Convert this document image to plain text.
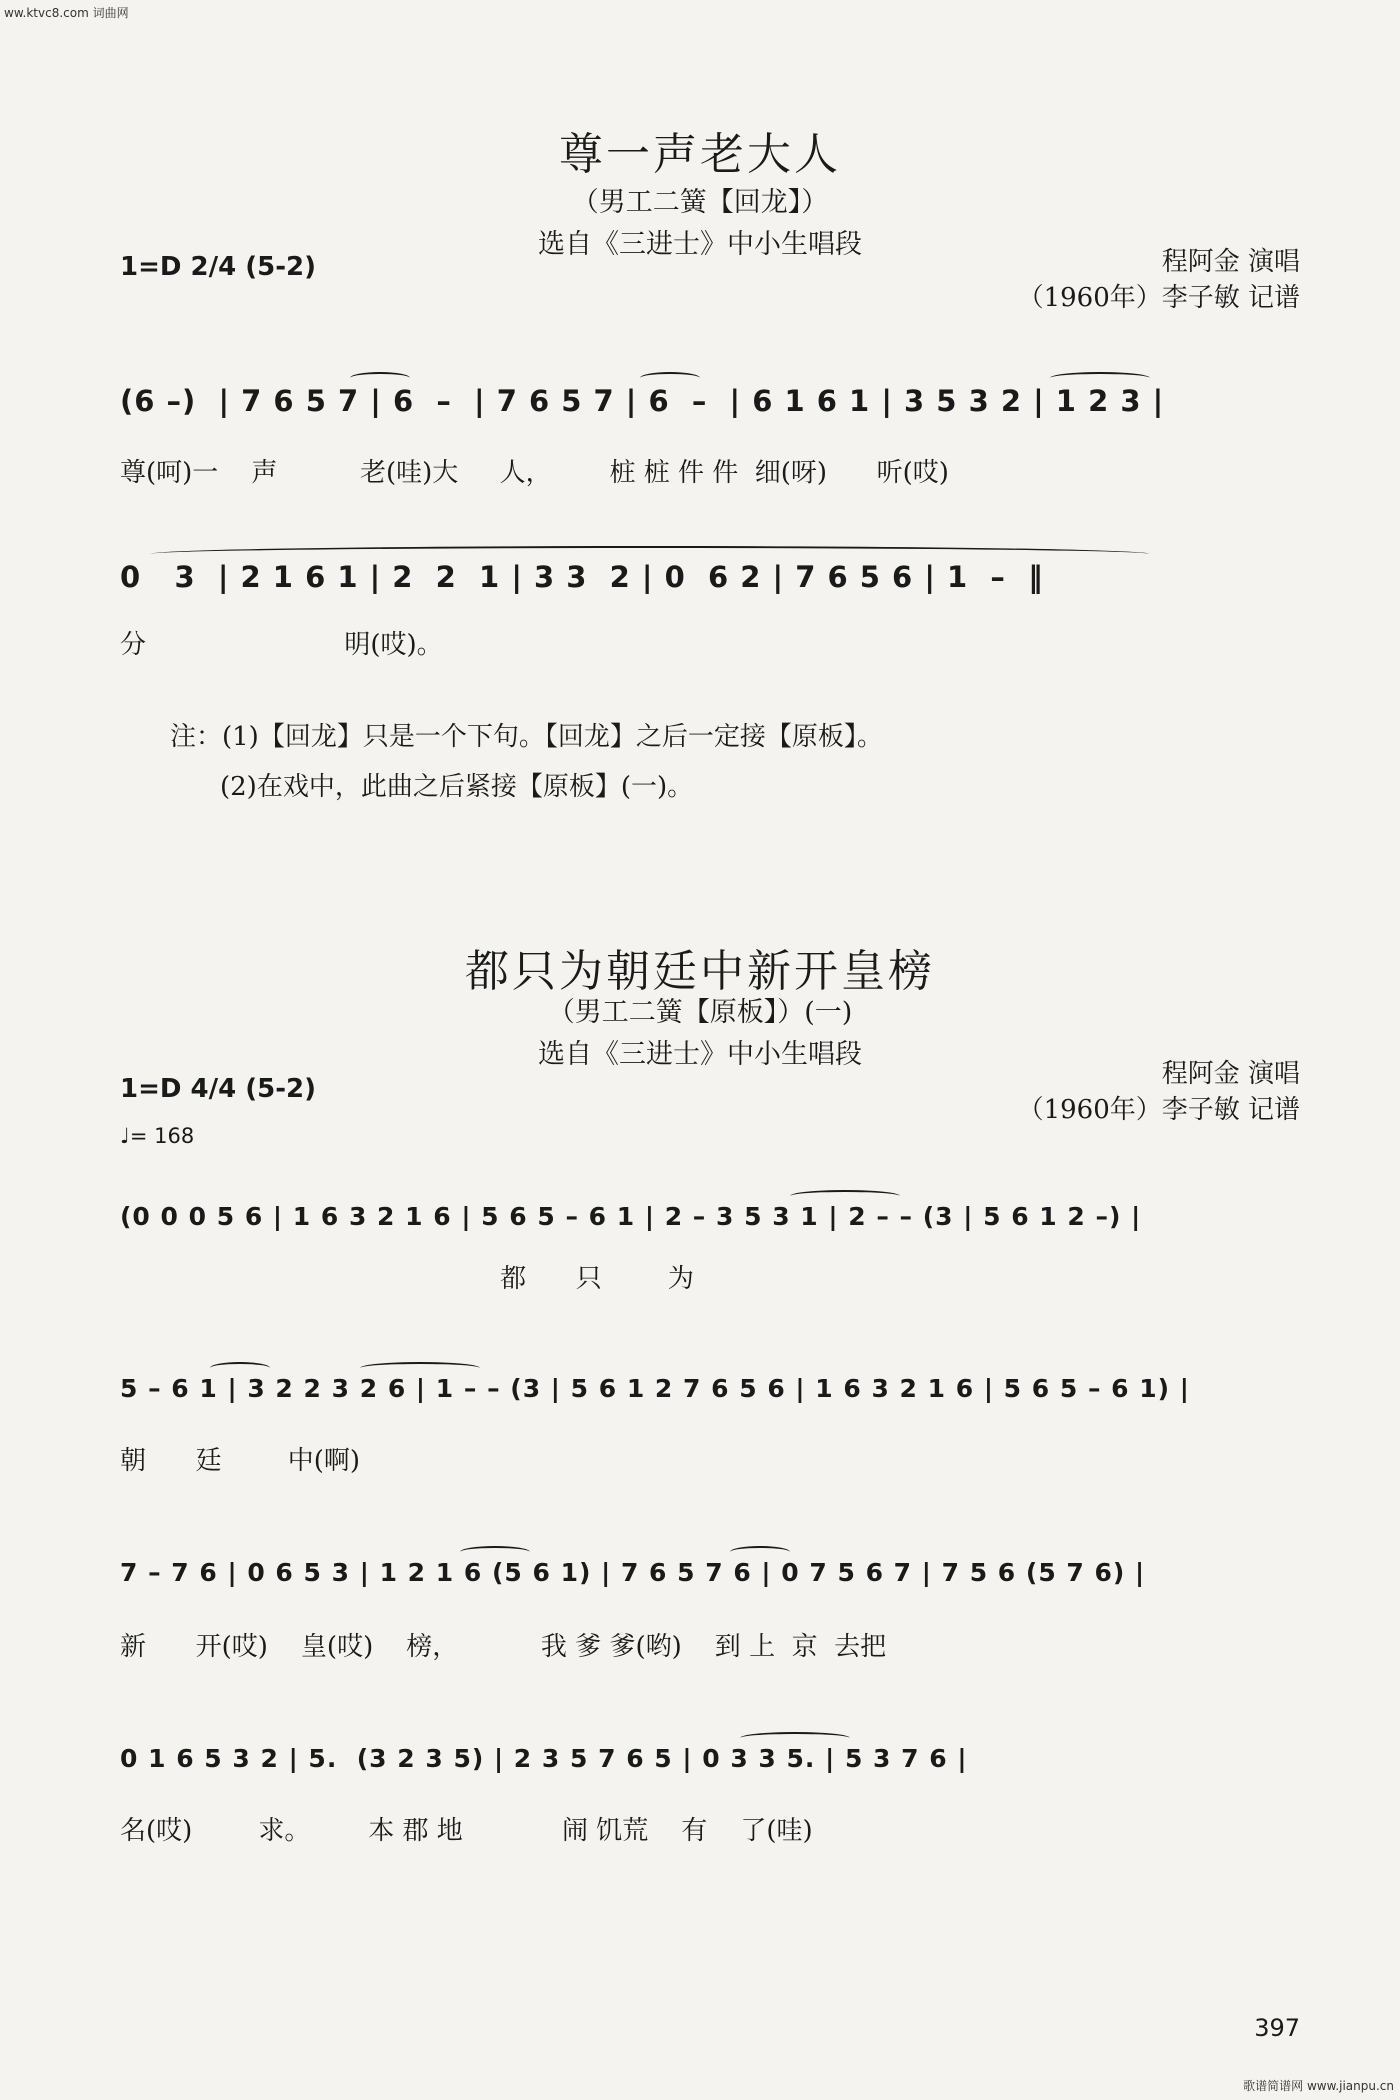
ww.ktvc8.com 词曲网
歌谱简谱网 www.jianpu.cn
尊一声老大人
（男工二簧【回龙】）
选自《三进士》中小生唱段
程阿金 演唱
（1960年）李子敏 记谱
1=D 2/4 (5-2)
(6 –)  | 7 6 5 7 | 6  –  | 7 6 5 7 | 6  –  | 6 1 6 1 | 3 5 3 2 | 1 2 3 |
尊(呵)一    声          老(哇)大     人，       桩 桩 件 件  细(呀)      听(哎)
0   3  | 2 1 6 1 | 2  2  1 | 3 3  2 | 0  6 2 | 7 6 5 6 | 1  –  ‖
分                        明(哎)。
注：(1)【回龙】只是一个下句。【回龙】之后一定接【原板】。
(2)在戏中，此曲之后紧接【原板】(一)。
都只为朝廷中新开皇榜
（男工二簧【原板】）(一)
选自《三进士》中小生唱段
程阿金 演唱
（1960年）李子敏 记谱
1=D 4/4 (5-2)
♩= 168
(0 0 0 5 6 | 1 6 3 2 1 6 | 5 6 5 – 6 1 | 2 – 3 5 3 1 | 2 – – (3 | 5 6 1 2 –) |
都      只        为
5 – 6 1 | 3 2 2 3 2 6 | 1 – – (3 | 5 6 1 2 7 6 5 6 | 1 6 3 2 1 6 | 5 6 5 – 6 1) |
朝      廷        中(啊)
7 – 7 6 | 0 6 5 3 | 1 2 1 6 (5 6 1) | 7 6 5 7 6 | 0 7 5 6 7 | 7 5 6 (5 7 6) |
新      开(哎)    皇(哎)    榜，          我 爹 爹(哟)    到 上  京  去把
0 1 6 5 3 2 | 5.  (3 2 3 5) | 2 3 5 7 6 5 | 0 3 3 5. | 5 3 7 6 |
名(哎)        求。       本 郡 地            闹 饥荒    有    了(哇)
397
